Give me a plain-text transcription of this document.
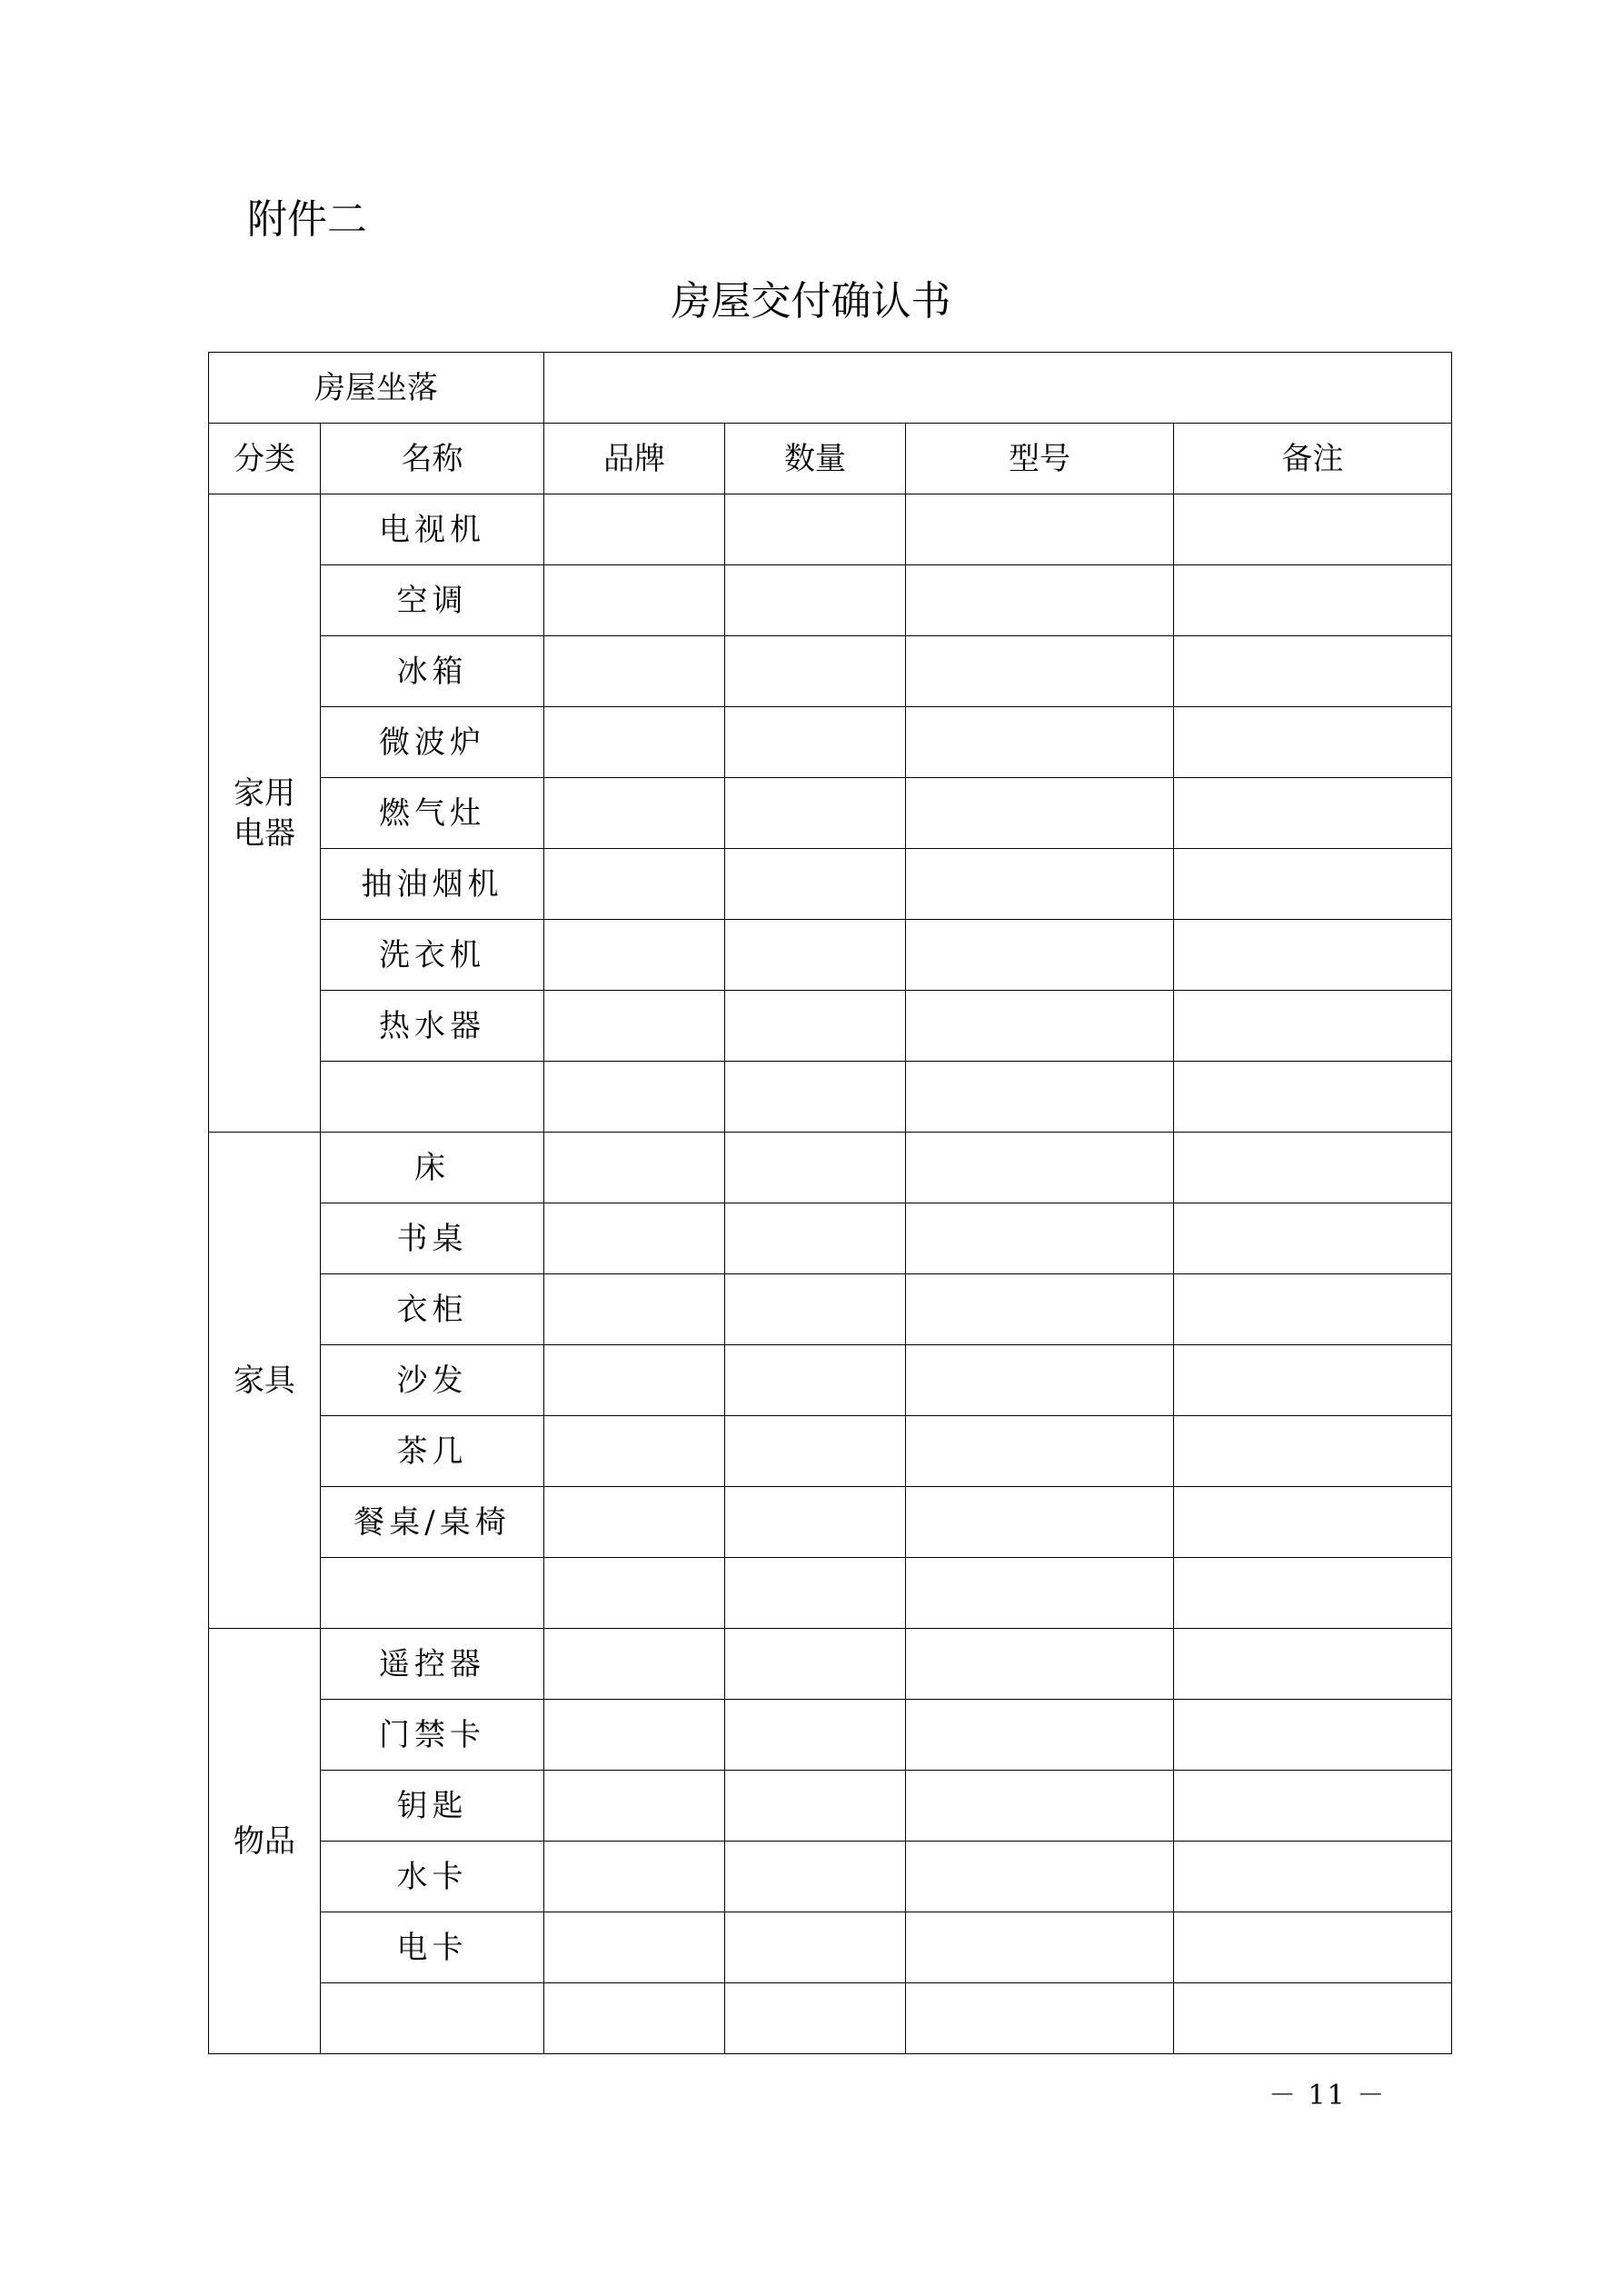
附件二
房屋交付确认书
房屋坐落					
分类	名称	品牌	数量	型号	备注
家用
电器	电视机				
	空调				
	冰箱				
	微波炉				
	燃气灶				
	抽油烟机				
	洗衣机				
	热水器				

家具	床				
	书桌				
	衣柜				
	沙发				
	茶几				
	餐桌/桌椅				

物品	遥控器				
	门禁卡				
	钥匙				
	水卡				
	电卡				

－ 11 －
